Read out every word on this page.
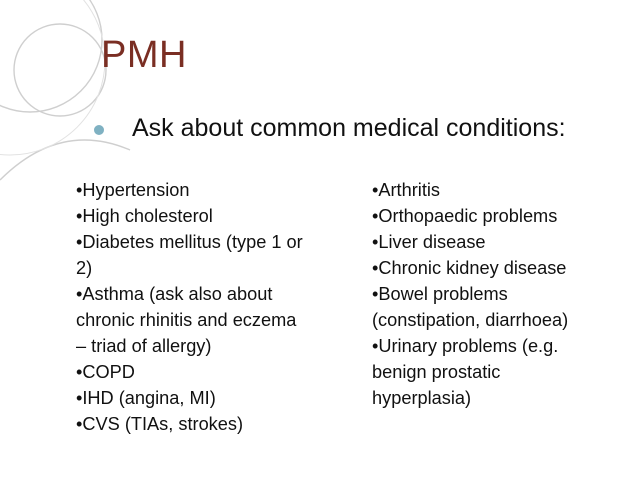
PMH
Ask about common medical conditions:
•Hypertension
•High cholesterol
•Diabetes mellitus (type 1 or
2)
•Asthma (ask also about
chronic rhinitis and eczema
– triad of allergy)
•COPD
•IHD (angina, MI)
•CVS (TIAs, strokes)
•Arthritis
•Orthopaedic problems
•Liver disease
•Chronic kidney disease
•Bowel problems
(constipation, diarrhoea)
•Urinary problems (e.g.
benign prostatic
hyperplasia)
